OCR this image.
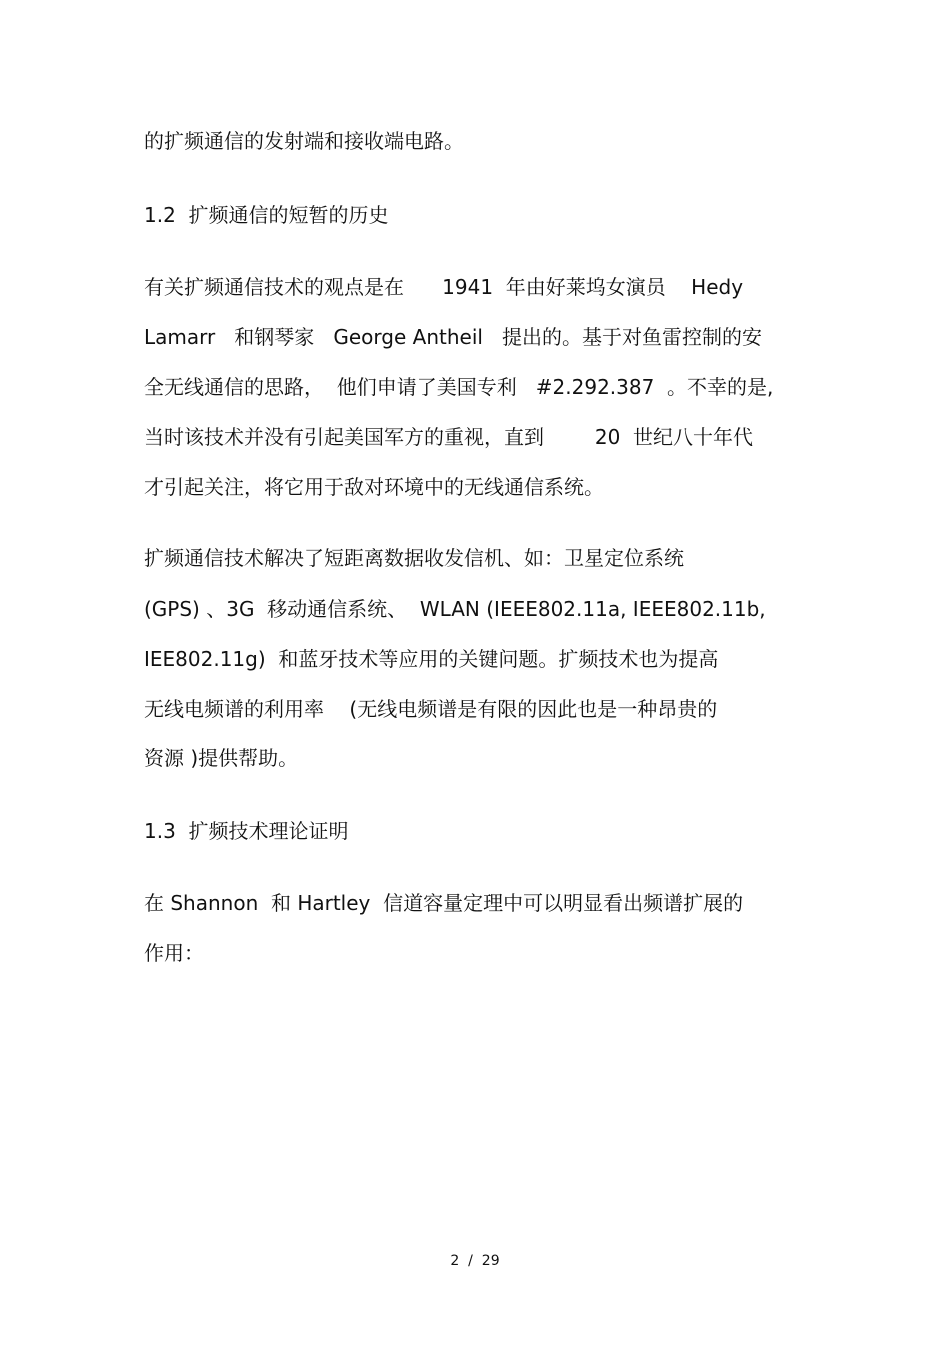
的扩频通信的发射端和接收端电路。
1.2  扩频通信的短暂的历史
有关扩频通信技术的观点是在      1941  年由好莱坞女演员    Hedy
Lamarr   和钢琴家   George Antheil   提出的。基于对鱼雷控制的安
全无线通信的思路，  他们申请了美国专利   #2.292.387  。不幸的是,
当时该技术并没有引起美国军方的重视，直到        20  世纪八十年代
才引起关注，将它用于敌对环境中的无线通信系统。
扩频通信技术解决了短距离数据收发信机、如：卫星定位系统
(GPS) 、3G  移动通信系统、  WLAN (IEEE802.11a, IEEE802.11b,
IEE802.11g)  和蓝牙技术等应用的关键问题。扩频技术也为提高
无线电频谱的利用率    (无线电频谱是有限的因此也是一种昂贵的
资源 )提供帮助。
1.3  扩频技术理论证明
在 Shannon  和 Hartley  信道容量定理中可以明显看出频谱扩展的
作用：
2  /  29
